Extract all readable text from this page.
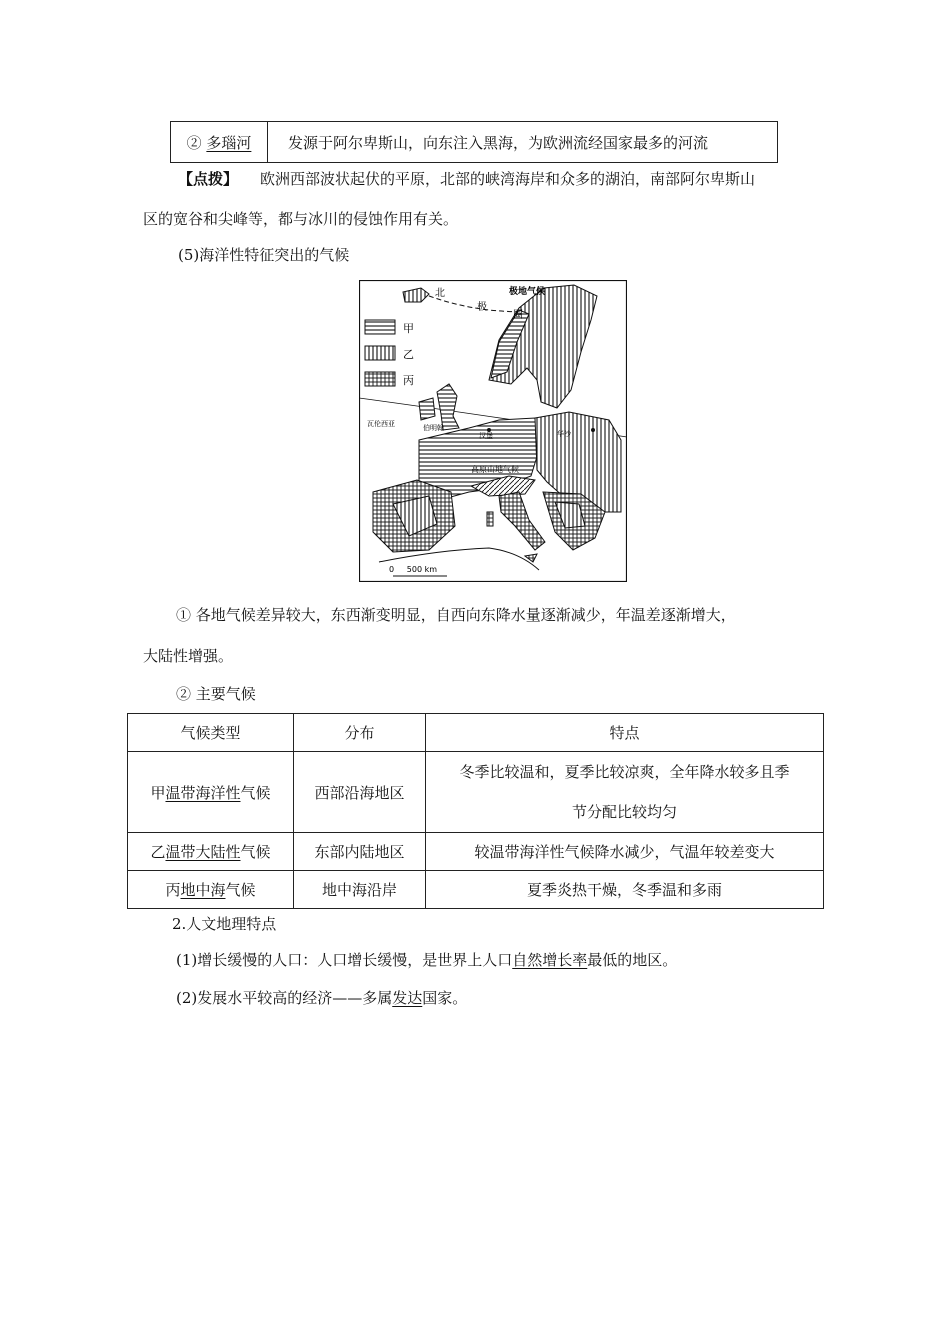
② 多瑙河	发源于阿尔卑斯山，向东注入黑海，为欧洲流经国家最多的河流
【点拨】 欧洲西部波状起伏的平原，北部的峡湾海岸和众多的湖泊，南部阿尔卑斯山
区的宽谷和尖峰等，都与冰川的侵蚀作用有关。
(5)海洋性特征突出的气候
甲
乙
丙
极地气候
北
极
圈
瓦伦西亚	伯明翰
汉堡	华沙
高原山地气候
0     500 km
① 各地气候差异较大，东西渐变明显，自西向东降水量逐渐减少，年温差逐渐增大，
大陆性增强。
② 主要气候
气候类型	分布	特点
甲温带海洋性气候	西部沿海地区	冬季比较温和，夏季比较凉爽，全年降水较多且季
节分配比较均匀

乙温带大陆性气候	东部内陆地区	较温带海洋性气候降水减少，气温年较差变大
丙地中海气候	地中海沿岸	夏季炎热干燥，冬季温和多雨
2.人文地理特点
(1)增长缓慢的人口：人口增长缓慢，是世界上人口自然增长率最低的地区。
(2)发展水平较高的经济——多属发达国家。
